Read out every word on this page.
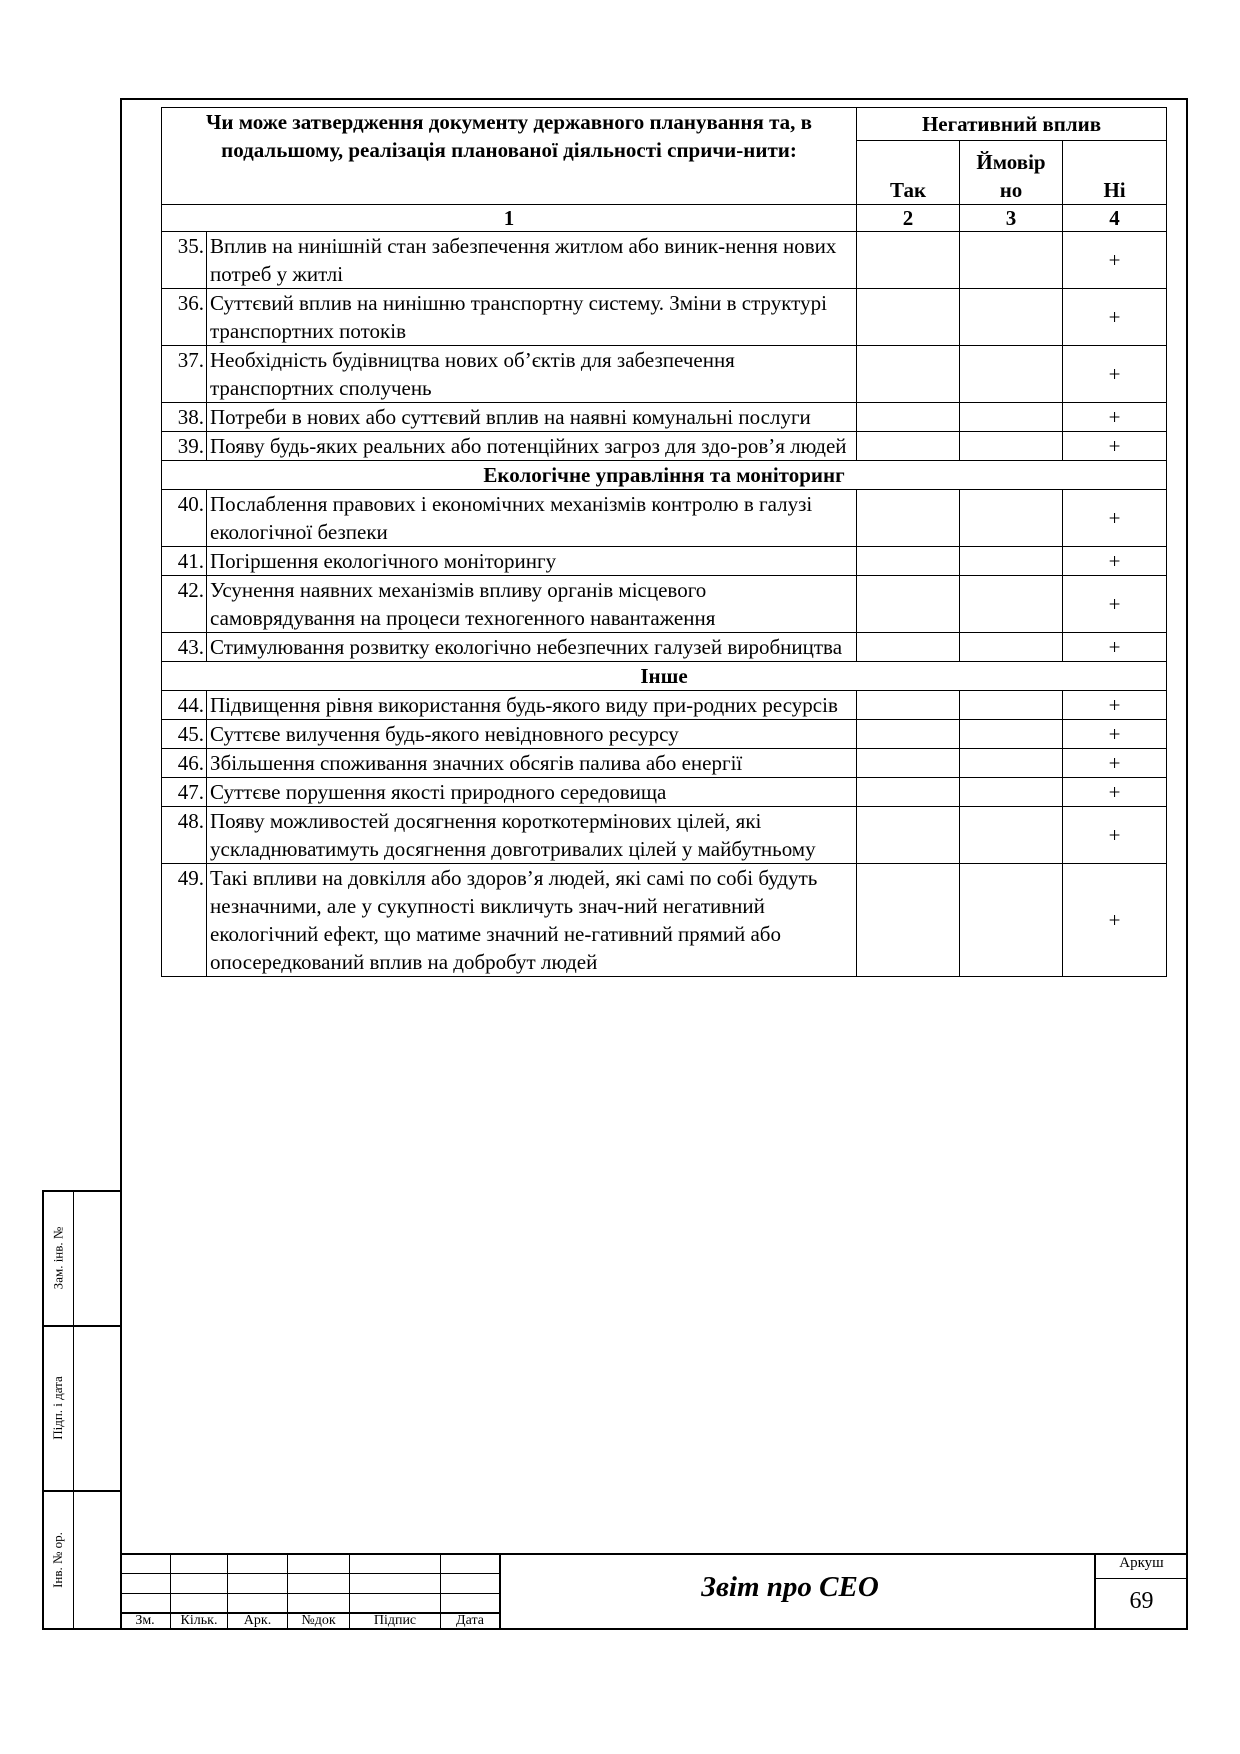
Чи може затвердження документу державного планування та, в подальшому, реалізація планованої діяльності спричи-нити:		Негативний вплив		
		Так	Ймовір но	Ні
1		2	3	4
35.	Вплив на нинішній стан забезпечення житлом або виник-нення нових потреб у житлі			+
36.	Суттєвий вплив на нинішню транспортну систему. Зміни в структурі транспортних потоків			+
37.	Необхідність будівництва нових об’єктів для забезпечення транспортних сполучень			+
38.	Потреби в нових або суттєвий вплив на наявні комунальні послуги			+
39.	Появу будь-яких реальних або потенційних загроз для здо-ров’я людей			+
Екологічне управління та моніторинг				
40.	Послаблення правових і економічних механізмів контролю в галузі екологічної безпеки			+
41.	Погіршення екологічного моніторингу			+
42.	Усунення наявних механізмів впливу органів місцевого самоврядування на процеси техногенного навантаження			+
43.	Стимулювання розвитку екологічно небезпечних галузей виробництва			+
Інше				
44.	Підвищення рівня використання будь-якого виду при-родних ресурсів			+
45.	Суттєве вилучення будь-якого невідновного ресурсу			+
46.	Збільшення споживання значних обсягів палива або енергії			+
47.	Суттєве порушення якості природного середовища			+
48.	Появу можливостей досягнення короткотермінових цілей, які ускладнюватимуть досягнення довготривалих цілей у майбутньому			+
49.	Такі впливи на довкілля або здоров’я людей, які самі по собі будуть незначними, але у сукупності викличуть знач-ний негативний екологічний ефект, що матиме значний не-гативний прямий або опосередкований вплив на добробут людей			+
Зам. інв. №
Підп. і дата
Інв. № ор.
Зм.	Кільк.	Арк.	№док	Підпис	Дата
Звіт про СЕО
Аркуш
69
